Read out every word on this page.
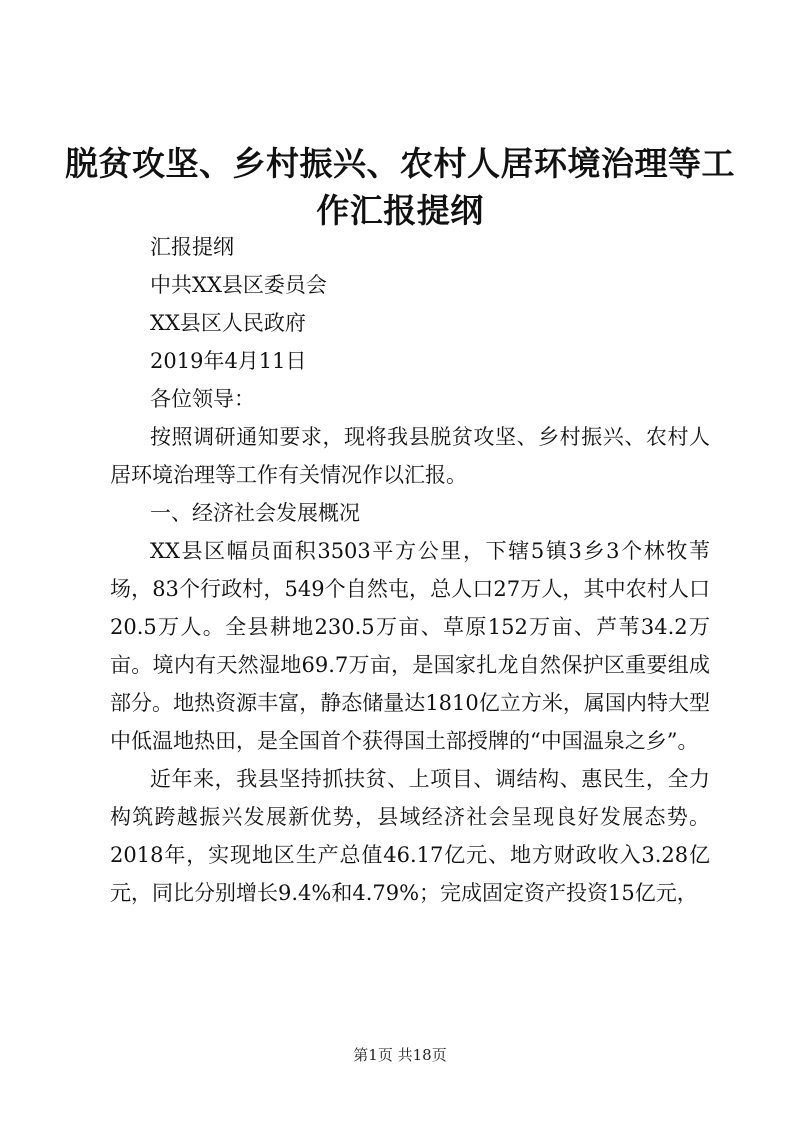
脱贫攻坚、乡村振兴、农村人居环境治理等工作汇报提纲

汇报提纲

中共XX县区委员会

XX县区人民政府

2019年4月11日

各位领导：

按照调研通知要求，现将我县脱贫攻坚、乡村振兴、农村人居环境治理等工作有关情况作以汇报。

一、经济社会发展概况

XX县区幅员面积3503平方公里，下辖5镇3乡3个林牧苇场，83个行政村，549个自然屯，总人口27万人，其中农村人口20.5万人。全县耕地230.5万亩、草原152万亩、芦苇34.2万亩。境内有天然湿地69.7万亩，是国家扎龙自然保护区重要组成部分。地热资源丰富，静态储量达1810亿立方米，属国内特大型中低温地热田，是全国首个获得国土部授牌的“中国温泉之乡”。

近年来，我县坚持抓扶贫、上项目、调结构、惠民生，全力构筑跨越振兴发展新优势，县域经济社会呈现良好发展态势。2018年，实现地区生产总值46.17亿元、地方财政收入3.28亿元，同比分别增长9.4%和4.79%；完成固定资产投资15亿元，

第1页 共18页
